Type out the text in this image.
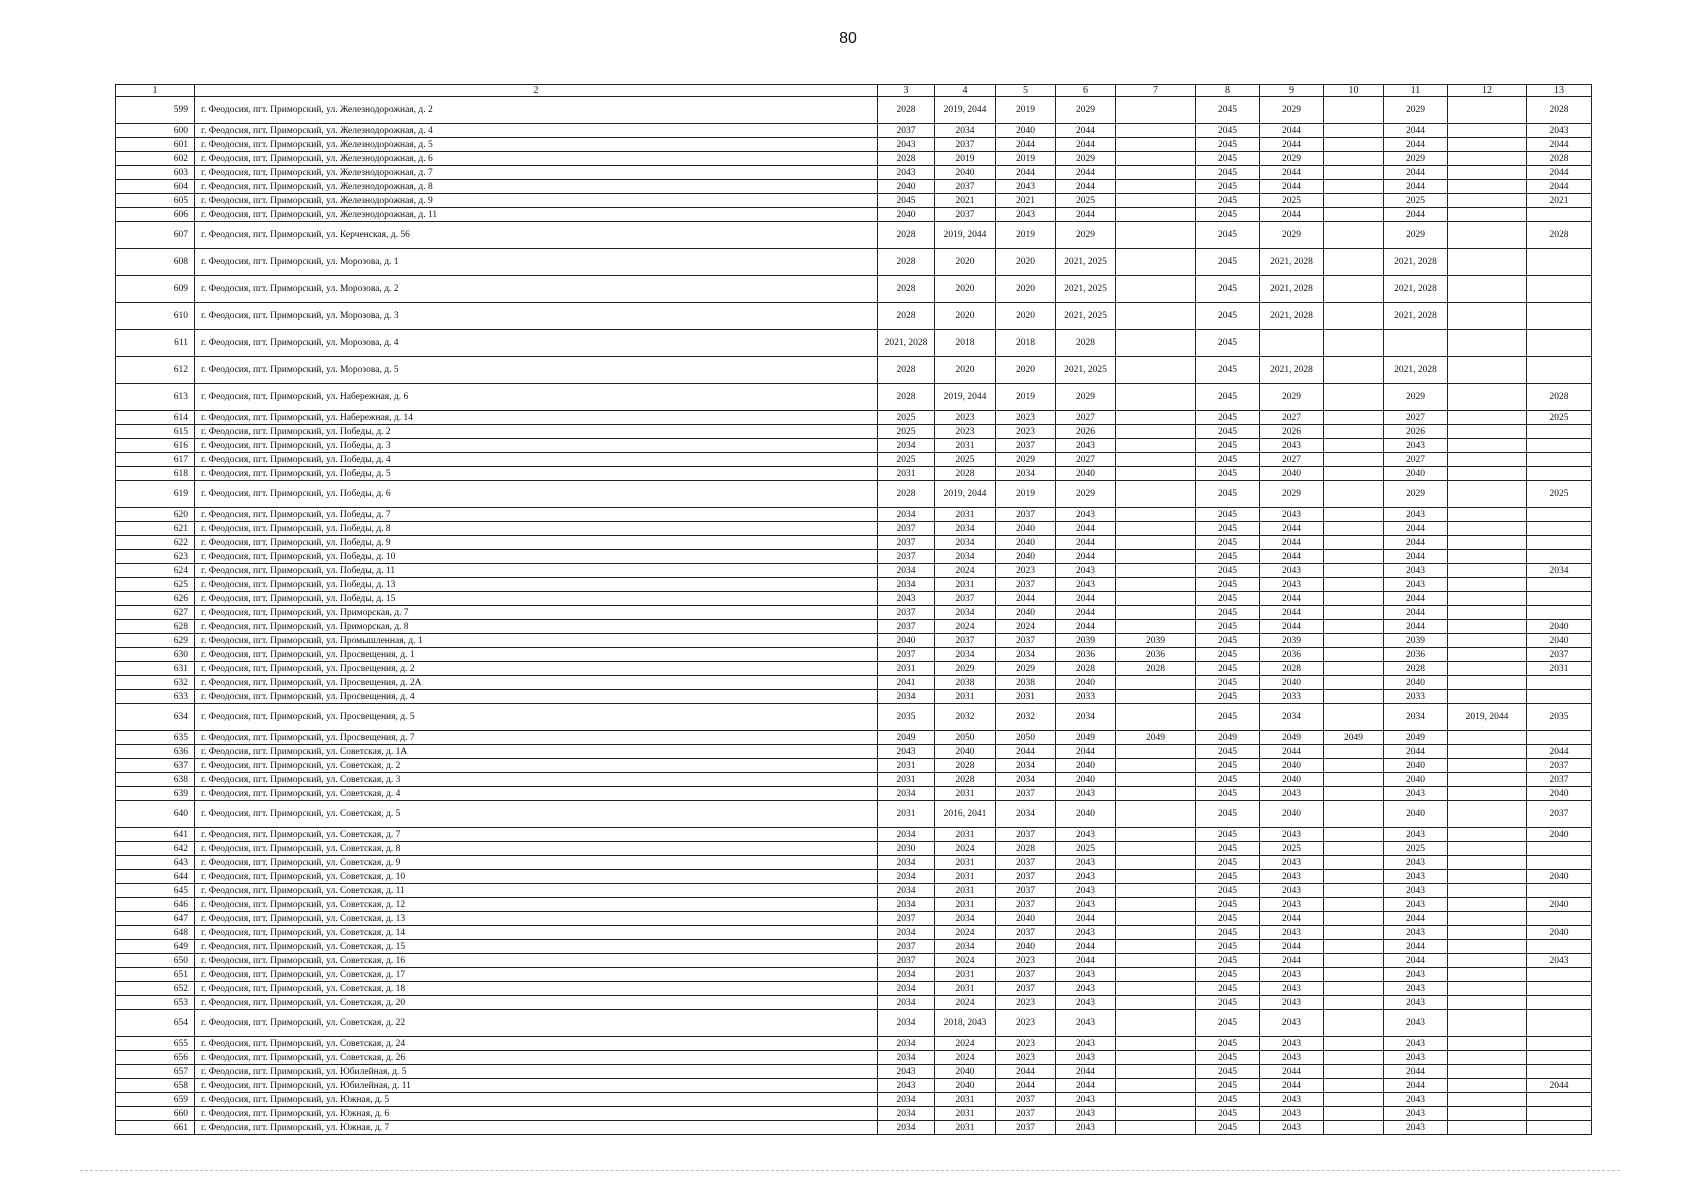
80
1	2	3	4	5	6	7	8	9	10	11	12	13
599	г. Феодосия, пгт. Приморский, ул. Железнодорожная, д. 2	2028	2019, 2044	2019	2029		2045	2029		2029		2028
600	г. Феодосия, пгт. Приморский, ул. Железнодорожная, д. 4	2037	2034	2040	2044		2045	2044		2044		2043
601	г. Феодосия, пгт. Приморский, ул. Железнодорожная, д. 5	2043	2037	2044	2044		2045	2044		2044		2044
602	г. Феодосия, пгт. Приморский, ул. Железнодорожная, д. 6	2028	2019	2019	2029		2045	2029		2029		2028
603	г. Феодосия, пгт. Приморский, ул. Железнодорожная, д. 7	2043	2040	2044	2044		2045	2044		2044		2044
604	г. Феодосия, пгт. Приморский, ул. Железнодорожная, д. 8	2040	2037	2043	2044		2045	2044		2044		2044
605	г. Феодосия, пгт. Приморский, ул. Железнодорожная, д. 9	2045	2021	2021	2025		2045	2025		2025		2021
606	г. Феодосия, пгт. Приморский, ул. Железнодорожная, д. 11	2040	2037	2043	2044		2045	2044		2044		
607	г. Феодосия, пгт. Приморский, ул. Керченская, д. 56	2028	2019, 2044	2019	2029		2045	2029		2029		2028
608	г. Феодосия, пгт. Приморский, ул. Морозова, д. 1	2028	2020	2020	2021, 2025		2045	2021, 2028		2021, 2028		
609	г. Феодосия, пгт. Приморский, ул. Морозова, д. 2	2028	2020	2020	2021, 2025		2045	2021, 2028		2021, 2028		
610	г. Феодосия, пгт. Приморский, ул. Морозова, д. 3	2028	2020	2020	2021, 2025		2045	2021, 2028		2021, 2028		
611	г. Феодосия, пгт. Приморский, ул. Морозова, д. 4	2021, 2028	2018	2018	2028		2045					
612	г. Феодосия, пгт. Приморский, ул. Морозова, д. 5	2028	2020	2020	2021, 2025		2045	2021, 2028		2021, 2028		
613	г. Феодосия, пгт. Приморский, ул. Набережная, д. 6	2028	2019, 2044	2019	2029		2045	2029		2029		2028
614	г. Феодосия, пгт. Приморский, ул. Набережная, д. 14	2025	2023	2023	2027		2045	2027		2027		2025
615	г. Феодосия, пгт. Приморский, ул. Победы, д. 2	2025	2023	2023	2026		2045	2026		2026		
616	г. Феодосия, пгт. Приморский, ул. Победы, д. 3	2034	2031	2037	2043		2045	2043		2043		
617	г. Феодосия, пгт. Приморский, ул. Победы, д. 4	2025	2025	2029	2027		2045	2027		2027		
618	г. Феодосия, пгт. Приморский, ул. Победы, д. 5	2031	2028	2034	2040		2045	2040		2040		
619	г. Феодосия, пгт. Приморский, ул. Победы, д. 6	2028	2019, 2044	2019	2029		2045	2029		2029		2025
620	г. Феодосия, пгт. Приморский, ул. Победы, д. 7	2034	2031	2037	2043		2045	2043		2043		
621	г. Феодосия, пгт. Приморский, ул. Победы, д. 8	2037	2034	2040	2044		2045	2044		2044		
622	г. Феодосия, пгт. Приморский, ул. Победы, д. 9	2037	2034	2040	2044		2045	2044		2044		
623	г. Феодосия, пгт. Приморский, ул. Победы, д. 10	2037	2034	2040	2044		2045	2044		2044		
624	г. Феодосия, пгт. Приморский, ул. Победы, д. 11	2034	2024	2023	2043		2045	2043		2043		2034
625	г. Феодосия, пгт. Приморский, ул. Победы, д. 13	2034	2031	2037	2043		2045	2043		2043		
626	г. Феодосия, пгт. Приморский, ул. Победы, д. 15	2043	2037	2044	2044		2045	2044		2044		
627	г. Феодосия, пгт. Приморский, ул. Приморская, д. 7	2037	2034	2040	2044		2045	2044		2044		
628	г. Феодосия, пгт. Приморский, ул. Приморская, д. 8	2037	2024	2024	2044		2045	2044		2044		2040
629	г. Феодосия, пгт. Приморский, ул. Промышленная, д. 1	2040	2037	2037	2039	2039	2045	2039		2039		2040
630	г. Феодосия, пгт. Приморский, ул. Просвещения, д. 1	2037	2034	2034	2036	2036	2045	2036		2036		2037
631	г. Феодосия, пгт. Приморский, ул. Просвещения, д. 2	2031	2029	2029	2028	2028	2045	2028		2028		2031
632	г. Феодосия, пгт. Приморский, ул. Просвещения, д. 2А	2041	2038	2038	2040		2045	2040		2040		
633	г. Феодосия, пгт. Приморский, ул. Просвещения, д. 4	2034	2031	2031	2033		2045	2033		2033		
634	г. Феодосия, пгт. Приморский, ул. Просвещения, д. 5	2035	2032	2032	2034		2045	2034		2034	2019, 2044	2035
635	г. Феодосия, пгт. Приморский, ул. Просвещения, д. 7	2049	2050	2050	2049	2049	2049	2049	2049	2049		
636	г. Феодосия, пгт. Приморский, ул. Советская, д. 1А	2043	2040	2044	2044		2045	2044		2044		2044
637	г. Феодосия, пгт. Приморский, ул. Советская, д. 2	2031	2028	2034	2040		2045	2040		2040		2037
638	г. Феодосия, пгт. Приморский, ул. Советская, д. 3	2031	2028	2034	2040		2045	2040		2040		2037
639	г. Феодосия, пгт. Приморский, ул. Советская, д. 4	2034	2031	2037	2043		2045	2043		2043		2040
640	г. Феодосия, пгт. Приморский, ул. Советская, д. 5	2031	2016, 2041	2034	2040		2045	2040		2040		2037
641	г. Феодосия, пгт. Приморский, ул. Советская, д. 7	2034	2031	2037	2043		2045	2043		2043		2040
642	г. Феодосия, пгт. Приморский, ул. Советская, д. 8	2030	2024	2028	2025		2045	2025		2025		
643	г. Феодосия, пгт. Приморский, ул. Советская, д. 9	2034	2031	2037	2043		2045	2043		2043		
644	г. Феодосия, пгт. Приморский, ул. Советская, д. 10	2034	2031	2037	2043		2045	2043		2043		2040
645	г. Феодосия, пгт. Приморский, ул. Советская, д. 11	2034	2031	2037	2043		2045	2043		2043		
646	г. Феодосия, пгт. Приморский, ул. Советская, д. 12	2034	2031	2037	2043		2045	2043		2043		2040
647	г. Феодосия, пгт. Приморский, ул. Советская, д. 13	2037	2034	2040	2044		2045	2044		2044		
648	г. Феодосия, пгт. Приморский, ул. Советская, д. 14	2034	2024	2037	2043		2045	2043		2043		2040
649	г. Феодосия, пгт. Приморский, ул. Советская, д. 15	2037	2034	2040	2044		2045	2044		2044		
650	г. Феодосия, пгт. Приморский, ул. Советская, д. 16	2037	2024	2023	2044		2045	2044		2044		2043
651	г. Феодосия, пгт. Приморский, ул. Советская, д. 17	2034	2031	2037	2043		2045	2043		2043		
652	г. Феодосия, пгт. Приморский, ул. Советская, д. 18	2034	2031	2037	2043		2045	2043		2043		
653	г. Феодосия, пгт. Приморский, ул. Советская, д. 20	2034	2024	2023	2043		2045	2043		2043		
654	г. Феодосия, пгт. Приморский, ул. Советская, д. 22	2034	2018, 2043	2023	2043		2045	2043		2043		
655	г. Феодосия, пгт. Приморский, ул. Советская, д. 24	2034	2024	2023	2043		2045	2043		2043		
656	г. Феодосия, пгт. Приморский, ул. Советская, д. 26	2034	2024	2023	2043		2045	2043		2043		
657	г. Феодосия, пгт. Приморский, ул. Юбилейная, д. 5	2043	2040	2044	2044		2045	2044		2044		
658	г. Феодосия, пгт. Приморский, ул. Юбилейная, д. 11	2043	2040	2044	2044		2045	2044		2044		2044
659	г. Феодосия, пгт. Приморский, ул. Южная, д. 5	2034	2031	2037	2043		2045	2043		2043		
660	г. Феодосия, пгт. Приморский, ул. Южная, д. 6	2034	2031	2037	2043		2045	2043		2043		
661	г. Феодосия, пгт. Приморский, ул. Южная, д. 7	2034	2031	2037	2043		2045	2043		2043		
